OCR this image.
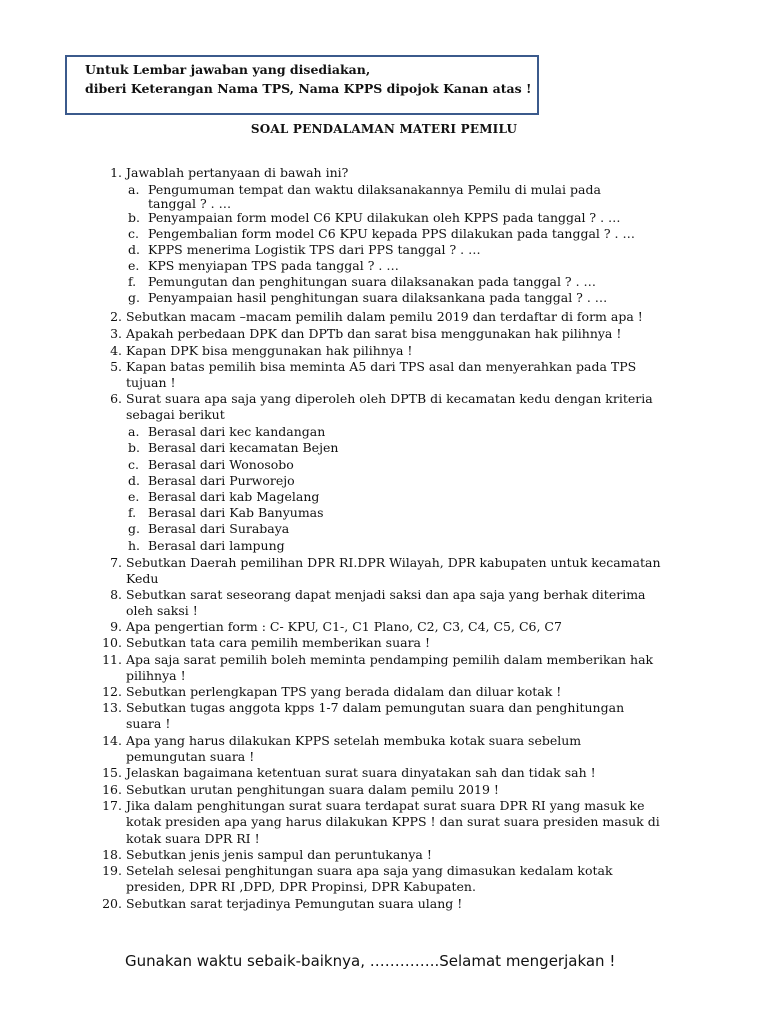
Untuk Lembar jawaban yang disediakan,
diberi Keterangan Nama TPS, Nama KPPS dipojok Kanan atas !
SOAL PENDALAMAN MATERI PEMILU
1. Jawablah pertanyaan di bawah ini?
2. Sebutkan macam –macam pemilih dalam pemilu 2019 dan terdaftar di form apa !
3. Apakah perbedaan DPK dan DPTb dan sarat bisa menggunakan hak pilihnya !
4. Kapan DPK bisa menggunakan hak pilihnya !
5. Kapan batas pemilih bisa meminta A5 dari TPS asal dan menyerahkan pada TPS
tujuan !
6. Surat suara apa saja yang diperoleh oleh DPTB di kecamatan kedu dengan kriteria
sebagai berikut
7. Sebutkan Daerah pemilihan DPR RI.DPR Wilayah, DPR kabupaten untuk kecamatan
Kedu
8. Sebutkan sarat seseorang dapat menjadi saksi dan apa saja yang berhak diterima
oleh saksi !
9. Apa pengertian form : C- KPU, C1-, C1 Plano, C2, C3, C4, C5, C6, C7
10. Sebutkan tata cara pemilih memberikan suara !
11. Apa saja sarat pemilih boleh meminta pendamping pemilih dalam memberikan hak
pilihnya !
12. Sebutkan perlengkapan TPS yang berada didalam dan diluar kotak !
13. Sebutkan tugas anggota kpps 1-7 dalam pemungutan suara dan penghitungan
suara !
14. Apa yang harus dilakukan KPPS setelah membuka kotak suara sebelum
pemungutan suara !
15. Jelaskan bagaimana ketentuan surat suara dinyatakan sah dan tidak sah !
16. Sebutkan urutan penghitungan suara dalam pemilu 2019 !
17. Jika dalam penghitungan surat suara terdapat surat suara DPR RI yang masuk ke
kotak presiden apa yang harus dilakukan KPPS ! dan surat suara presiden masuk di
kotak suara DPR RI !
18. Sebutkan jenis jenis sampul dan peruntukanya !
19. Setelah selesai penghitungan suara apa saja yang dimasukan kedalam kotak
presiden, DPR RI ,DPD, DPR Propinsi, DPR Kabupaten.
20. Sebutkan sarat terjadinya Pemungutan suara ulang !
a. Pengumuman tempat dan waktu dilaksanakannya Pemilu di mulai pada
tanggal ? . …
b. Penyampaian form model C6 KPU dilakukan oleh KPPS pada tanggal ? . …
c. Pengembalian form model C6 KPU kepada PPS dilakukan pada tanggal ? . …
d. KPPS menerima Logistik TPS dari PPS tanggal ? . …
e. KPS menyiapan TPS pada tanggal ? . …
f. Pemungutan dan penghitungan suara dilaksanakan pada tanggal ? . …
g. Penyampaian hasil penghitungan suara dilaksankana pada tanggal ? . …
a. Berasal dari kec kandangan
b. Berasal dari kecamatan Bejen
c. Berasal dari Wonosobo
d. Berasal dari Purworejo
e. Berasal dari kab Magelang
f. Berasal dari Kab Banyumas
g. Berasal dari Surabaya
h. Berasal dari lampung
Gunakan waktu sebaik-baiknya, …………..Selamat mengerjakan !
